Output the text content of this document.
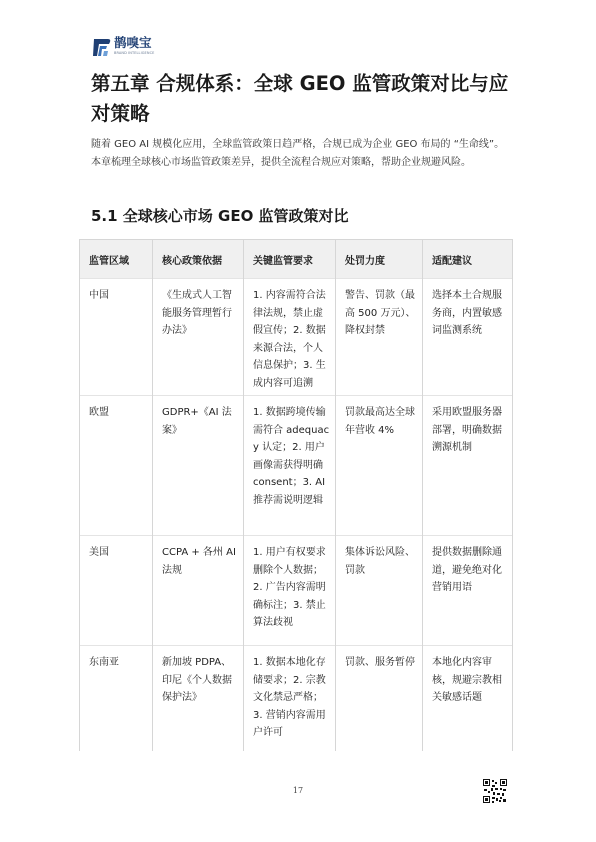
鹊嗅宝
BRAND INTELLIGENCE
第五章 合规体系：全球 GEO 监管政策对比与应对策略

随着 GEO AI 规模化应用，全球监管政策日趋严格，合规已成为企业 GEO 布局的 “生命线”。本章梳理全球核心市场监管政策差异，提供全流程合规应对策略，帮助企业规避风险。

5.1 全球核心市场 GEO 监管政策对比
监管区域	核心政策依据	关键监管要求	处罚力度	适配建议
中国	《生成式人工智能服务管理暂行办法》	1. 内容需符合法律法规，禁止虚假宣传；2. 数据来源合法，个人信息保护；3. 生成内容可追溯	警告、罚款（最高 500 万元）、降权封禁	选择本土合规服务商，内置敏感词监测系统
欧盟	GDPR+《AI 法案》	1. 数据跨境传输需符合 adequacy 认定；2. 用户画像需获得明确 consent；3. AI 推荐需说明逻辑	罚款最高达全球年营收 4%	采用欧盟服务器部署，明确数据溯源机制
美国	CCPA + 各州 AI 法规	1. 用户有权要求删除个人数据；2. 广告内容需明确标注；3. 禁止算法歧视	集体诉讼风险、罚款	提供数据删除通道，避免绝对化营销用语
东南亚	新加坡 PDPA、印尼《个人数据保护法》	1. 数据本地化存储要求；2. 宗教文化禁忌严格；3. 营销内容需用户许可	罚款、服务暂停	本地化内容审核，规避宗教相关敏感话题
17
